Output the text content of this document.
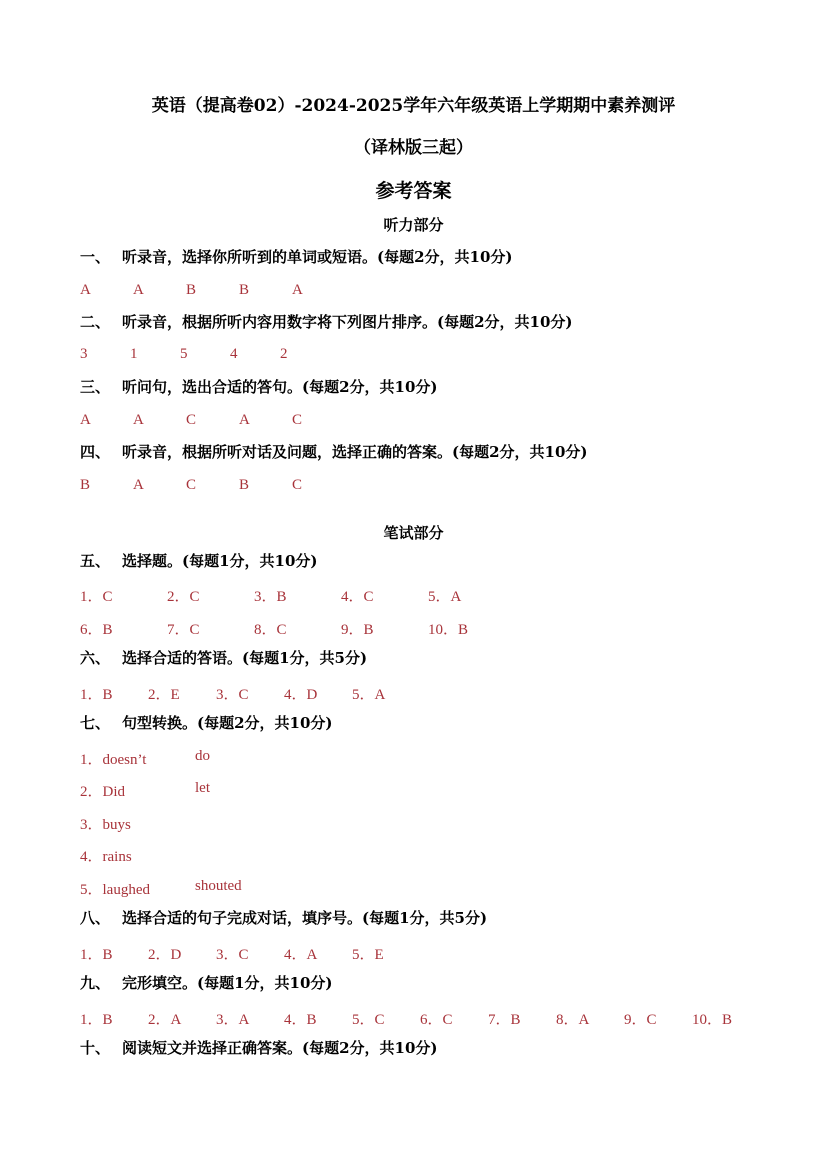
英语（提高卷02）-2024-2025学年六年级英语上学期期中素养测评
（译林版三起）
参考答案
听力部分
一、 听录音，选择你所听到的单词或短语。(每题2分，共10分)
A	A	B	B	A
二、 听录音，根据所听内容用数字将下列图片排序。(每题2分，共10分)
3	1	5	4	2
三、 听问句，选出合适的答句。(每题2分，共10分)
A	A	C	A	C
四、 听录音，根据所听对话及问题，选择正确的答案。(每题2分，共10分)
B	A	C	B	C
笔试部分
五、 选择题。(每题1分，共10分)
1．C	2．C	3．B	4．C	5．A
6．B	7．C	8．C	9．B	10．B
六、 选择合适的答语。(每题1分，共5分)
1．B 2．E 3．C 4．D 5．A
七、 句型转换。(每题2分，共10分)
1．doesn’t	do
2．Did	let
3．buys
4．rains
5．laughed	shouted
八、 选择合适的句子完成对话，填序号。(每题1分，共5分)
1．B 2．D 3．C 4．A 5．E
九、 完形填空。(每题1分，共10分)
1．B 2．A 3．A 4．B 5．C 6．C 7．B 8．A 9．C 10．B
十、 阅读短文并选择正确答案。(每题2分，共10分)
